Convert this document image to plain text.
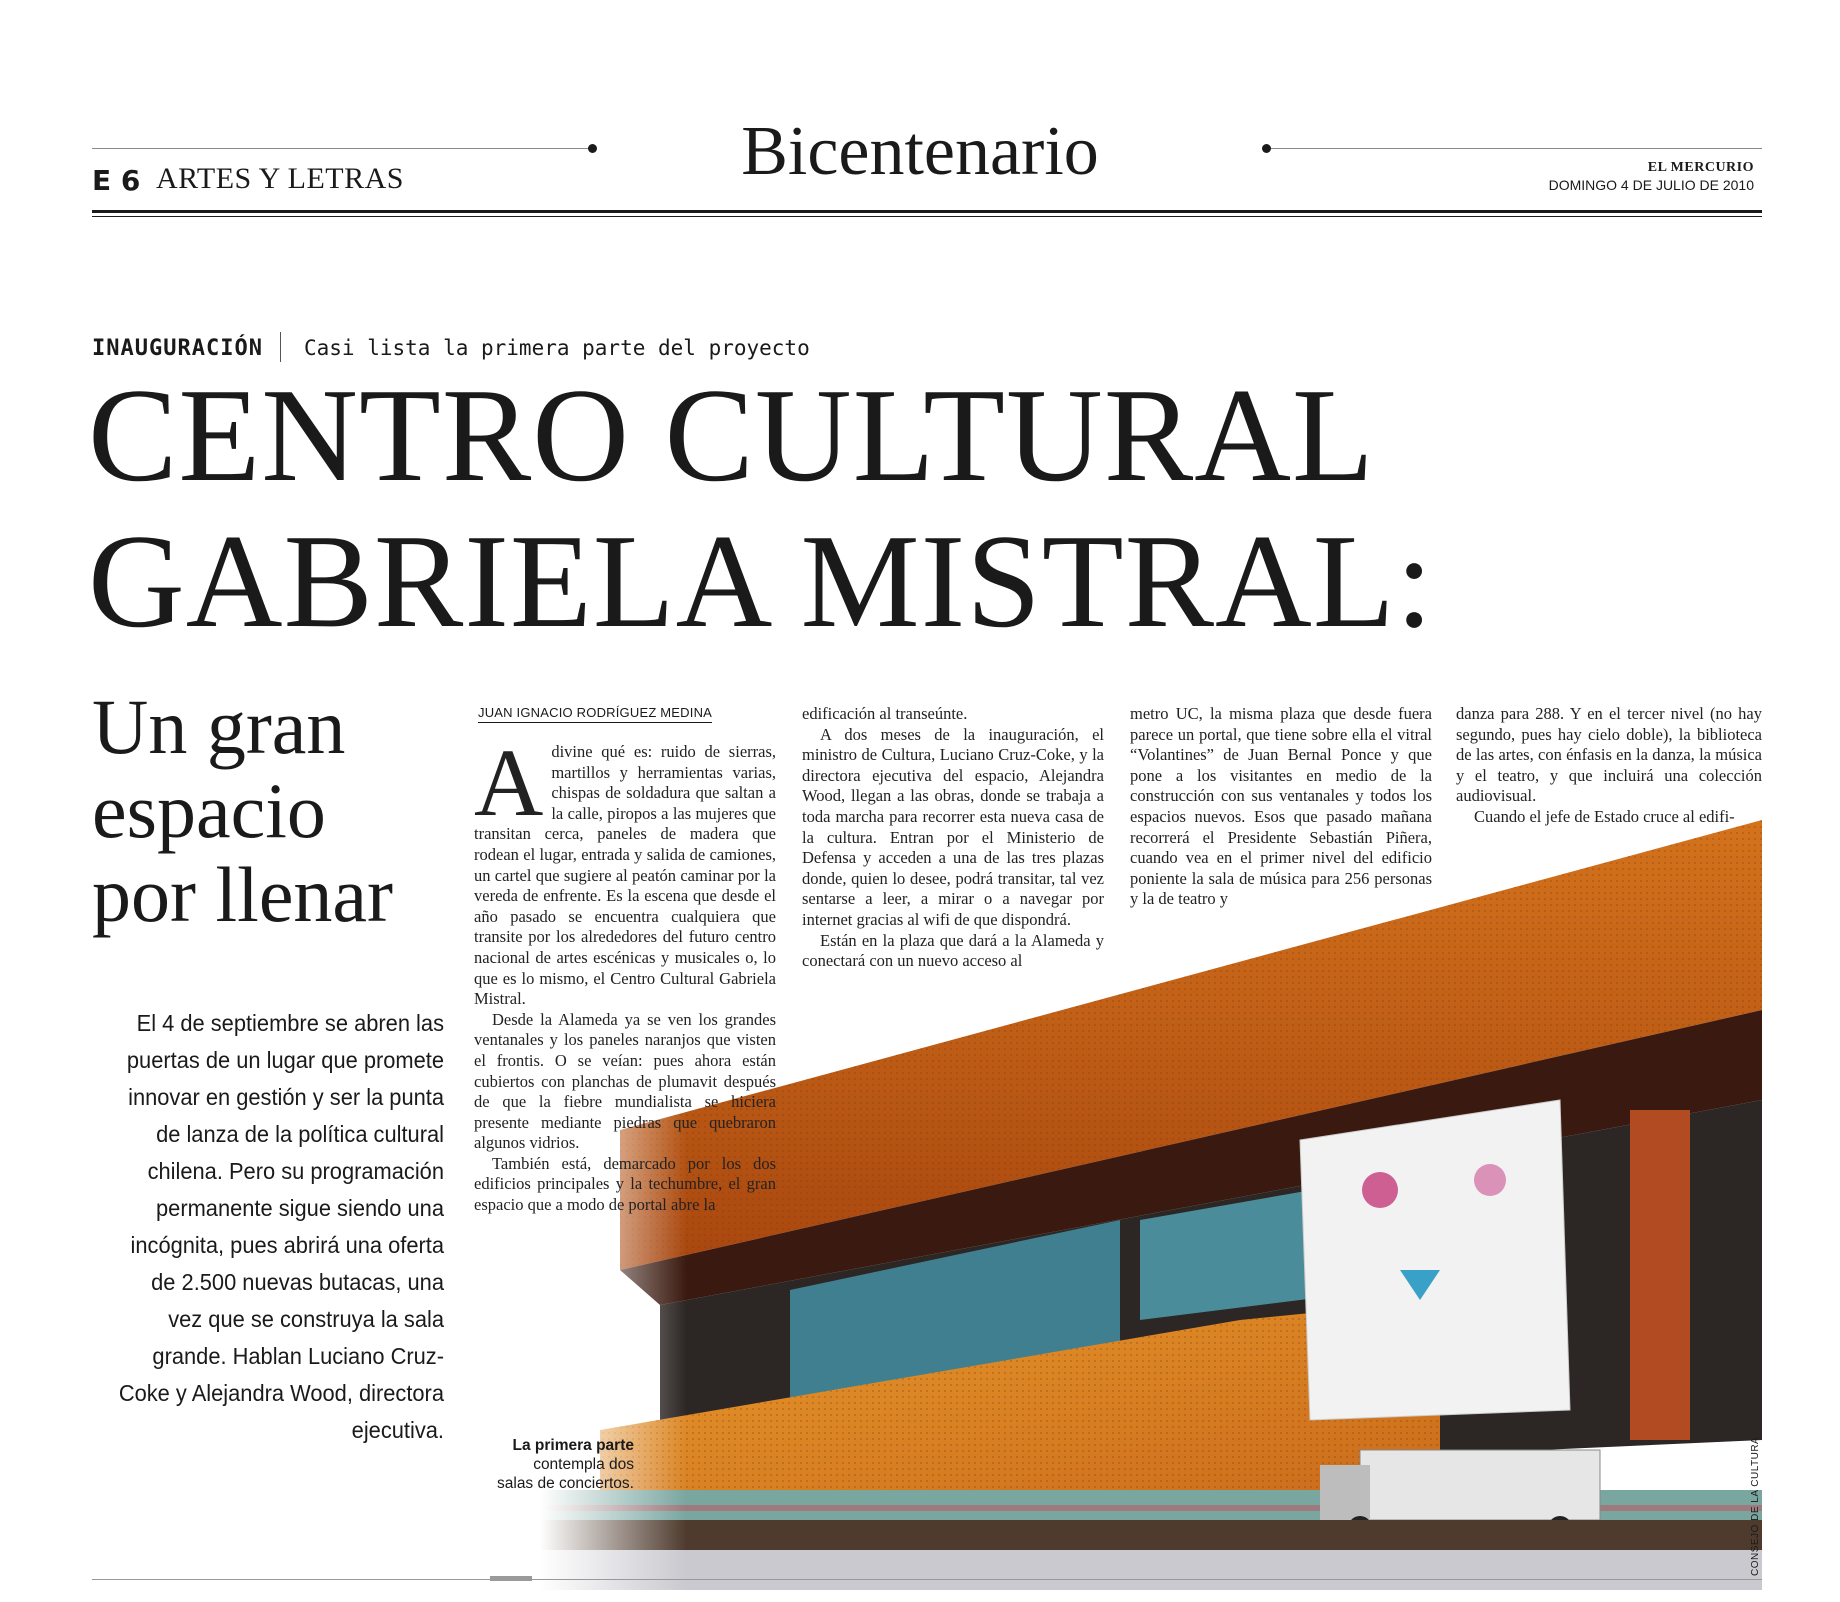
Bicentenario
E 6 ARTES Y LETRAS	EL MERCURIO
DOMINGO 4 DE JULIO DE 2010
INAUGURACIÓN Casi lista la primera parte del proyecto
CENTRO CULTURAL
GABRIELA MISTRAL:
Un gran
espacio
por llenar
El 4 de septiembre se abren las puertas de un lugar que promete innovar en gestión y ser la punta de lanza de la política cultural chilena. Pero su programación permanente sigue siendo una incógnita, pues abrirá una oferta de 2.500 nuevas butacas, una vez que se construya la sala grande. Hablan Luciano Cruz-Coke y Alejandra Wood, directora ejecutiva.
JUAN IGNACIO RODRÍGUEZ MEDINA

Adivine qué es: ruido de sierras, martillos y herramientas varias, chispas de soldadura que saltan a la calle, piropos a las mujeres que transitan cerca, paneles de madera que rodean el lugar, entrada y salida de camiones, un cartel que sugiere al peatón caminar por la vereda de enfrente. Es la escena que desde el año pasado se encuentra cualquiera que transite por los alrededores del futuro centro nacional de artes escénicas y musicales o, lo que es lo mismo, el Centro Cultural Gabriela Mistral.

Desde la Alameda ya se ven los grandes ventanales y los paneles naranjos que visten el frontis. O se veían: pues ahora están cubiertos con planchas de plumavit después de que la fiebre mundialista se hiciera presente mediante piedras que quebraron algunos vidrios.

También está, demarcado por los dos edificios principales y la techumbre, el gran espacio que a modo de portal abre la

edificación al transeúnte.

A dos meses de la inauguración, el ministro de Cultura, Luciano Cruz-Coke, y la directora ejecutiva del espacio, Alejandra Wood, llegan a las obras, donde se trabaja a toda marcha para recorrer esta nueva casa de la cultura. Entran por el Ministerio de Defensa y acceden a una de las tres plazas donde, quien lo desee, podrá transitar, tal vez sentarse a leer, a mirar o a navegar por internet gracias al wifi de que dispondrá.

Están en la plaza que dará a la Alameda y conectará con un nuevo acceso al

metro UC, la misma plaza que desde fuera parece un portal, que tiene sobre ella el vitral “Volantines” de Juan Bernal Ponce y que pone a los visitantes en medio de la construcción con sus ventanales y todos los espacios nuevos. Esos que pasado mañana recorrerá el Presidente Sebastián Piñera, cuando vea en el primer nivel del edificio poniente la sala de música para 256 personas y la de teatro y

danza para 288. Y en el tercer nivel (no hay segundo, pues hay cielo doble), la biblioteca de las artes, con énfasis en la danza, la música y el teatro, y que incluirá una colección audiovisual.

Cuando el jefe de Estado cruce al edifi-

La primera parte contempla dos salas de conciertos.	CONSEJO DE LA CULTURA
